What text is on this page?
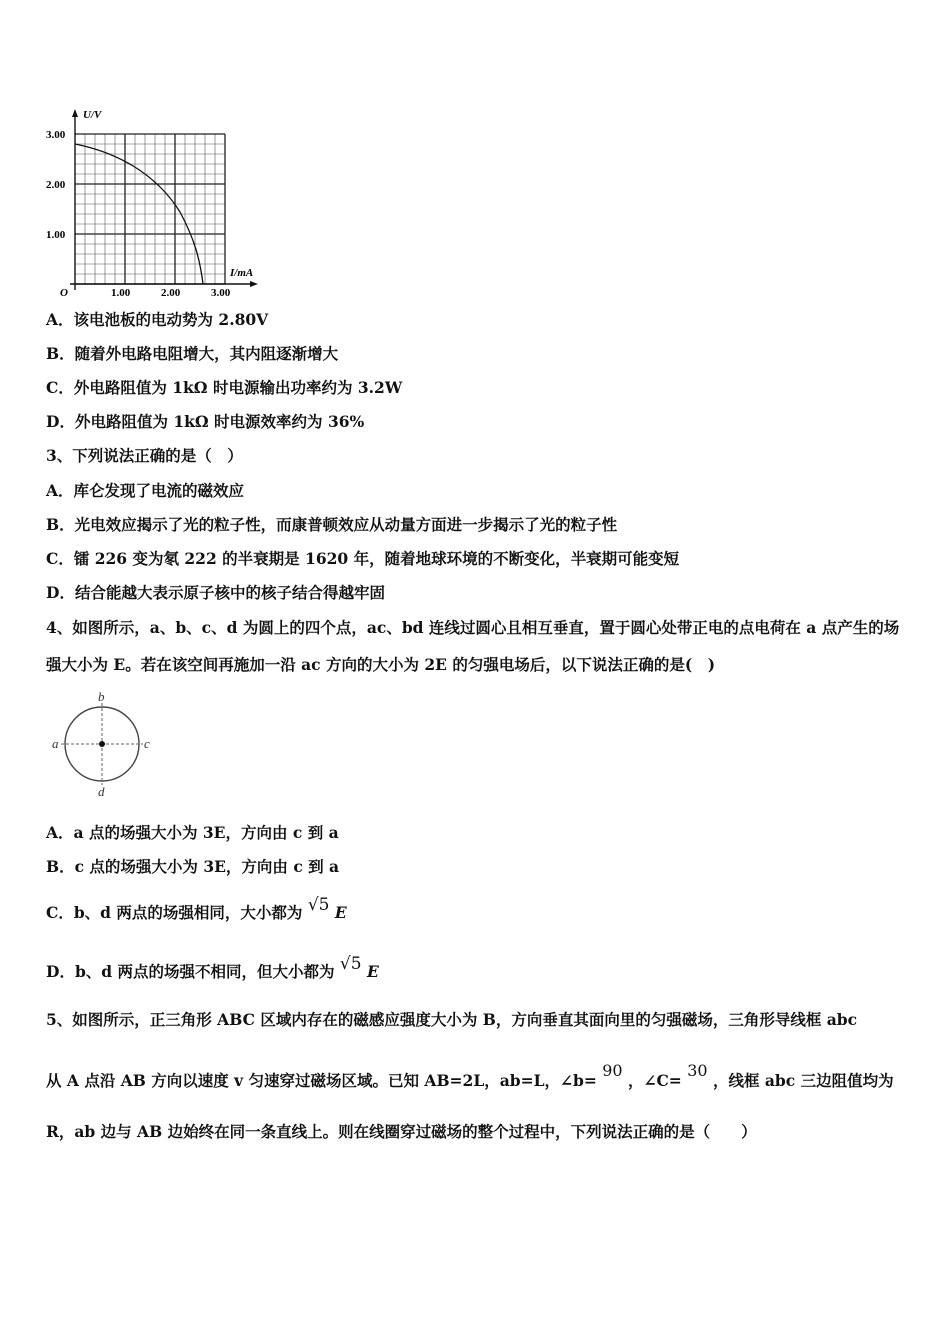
U/V
I/mA
O
1.00
2.00
3.00
1.00	2.00	3.00
A．该电池板的电动势为 2.80V
B．随着外电路电阻增大，其内阻逐渐增大
C．外电路阻值为 1kΩ 时电源输出功率约为 3.2W
D．外电路阻值为 1kΩ 时电源效率约为 36%
3、下列说法正确的是（　）
A．库仑发现了电流的磁效应
B．光电效应揭示了光的粒子性，而康普顿效应从动量方面进一步揭示了光的粒子性
C．镭 226 变为氡 222 的半衰期是 1620 年，随着地球环境的不断变化，半衰期可能变短
D．结合能越大表示原子核中的核子结合得越牢固
4、如图所示，a、b、c、d 为圆上的四个点，ac、bd 连线过圆心且相互垂直，置于圆心处带正电的点电荷在 a 点产生的场
强大小为 E。若在该空间再施加一沿 ac 方向的大小为 2E 的匀强电场后，以下说法正确的是(　)
a	c
b
d
A．a 点的场强大小为 3E，方向由 c 到 a
B．c 点的场强大小为 3E，方向由 c 到 a
C．b、d 两点的场强相同，大小都为 √5 E
D．b、d 两点的场强不相同，但大小都为 √5 E
5、如图所示，正三角形 ABC 区域内存在的磁感应强度大小为 B，方向垂直其面向里的匀强磁场，三角形导线框 abc
从 A 点沿 AB 方向以速度 v 匀速穿过磁场区域。已知 AB=2L，ab=L，∠b= 90 ，∠C= 30 ，线框 abc 三边阻值均为
R，ab 边与 AB 边始终在同一条直线上。则在线圈穿过磁场的整个过程中，下列说法正确的是（　　）
